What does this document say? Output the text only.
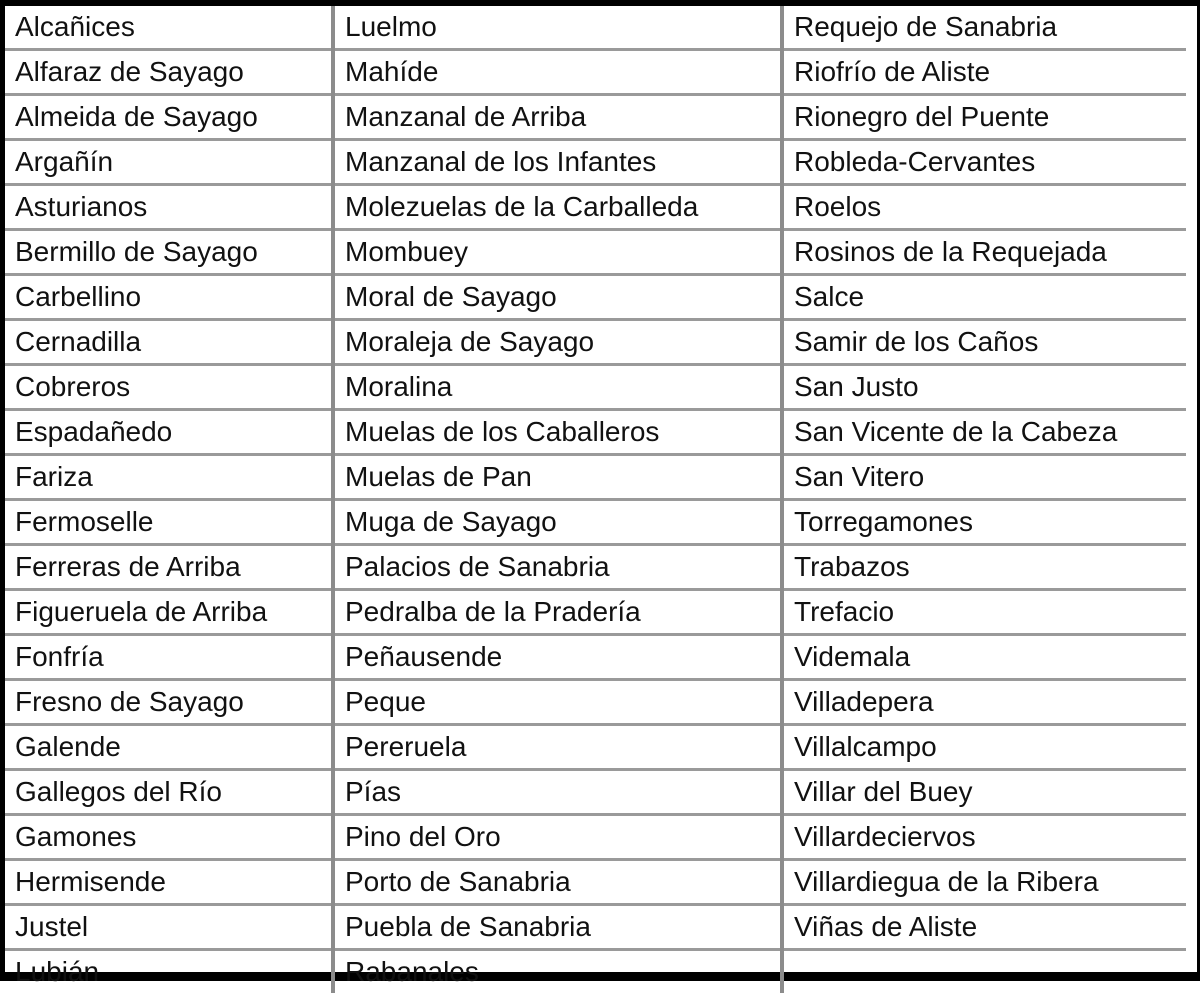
Alcañices	Luelmo	Requejo de Sanabria
Alfaraz de Sayago	Mahíde	Riofrío de Aliste
Almeida de Sayago	Manzanal de Arriba	Rionegro del Puente
Argañín	Manzanal de los Infantes	Robleda-Cervantes
Asturianos	Molezuelas de la Carballeda	Roelos
Bermillo de Sayago	Mombuey	Rosinos de la Requejada
Carbellino	Moral de Sayago	Salce
Cernadilla	Moraleja de Sayago	Samir de los Caños
Cobreros	Moralina	San Justo
Espadañedo	Muelas de los Caballeros	San Vicente de la Cabeza
Fariza	Muelas de Pan	San Vitero
Fermoselle	Muga de Sayago	Torregamones
Ferreras de Arriba	Palacios de Sanabria	Trabazos
Figueruela de Arriba	Pedralba de la Pradería	Trefacio
Fonfría	Peñausende	Videmala
Fresno de Sayago	Peque	Villadepera
Galende	Pereruela	Villalcampo
Gallegos del Río	Pías	Villar del Buey
Gamones	Pino del Oro	Villardeciervos
Hermisende	Porto de Sanabria	Villardiegua de la Ribera
Justel	Puebla de Sanabria	Viñas de Aliste
Lubián	Rabanales	
